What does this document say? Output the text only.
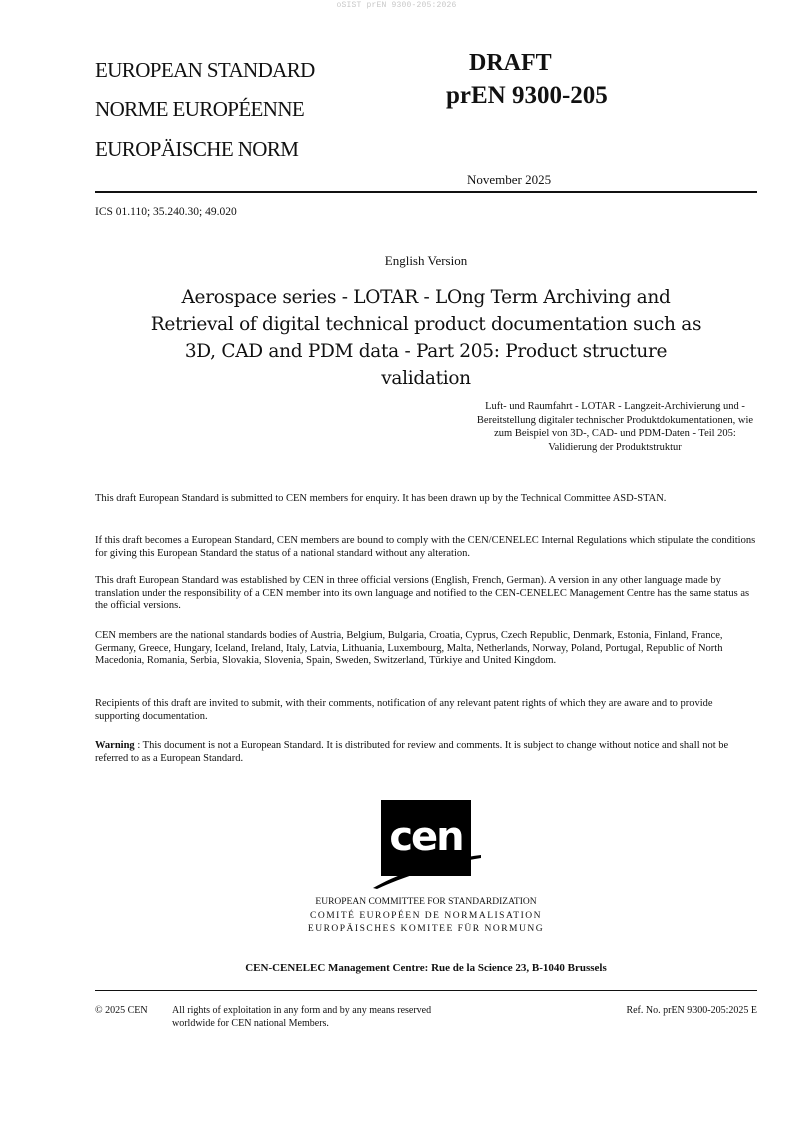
oSIST prEN 9300-205:2026
EUROPEAN STANDARD
NORME EUROPÉENNE
EUROPÄISCHE NORM
DRAFT
prEN 9300-205
November 2025
ICS 01.110; 35.240.30; 49.020
English Version
Aerospace series - LOTAR - LOng Term Archiving and Retrieval of digital technical product documentation such as 3D, CAD and PDM data - Part 205: Product structure validation
Luft- und Raumfahrt - LOTAR - Langzeit-Archivierung und -Bereitstellung digitaler technischer Produktdokumentationen, wie zum Beispiel von 3D-, CAD- und PDM-Daten - Teil 205: Validierung der Produktstruktur
This draft European Standard is submitted to CEN members for enquiry. It has been drawn up by the Technical Committee ASD-STAN.
If this draft becomes a European Standard, CEN members are bound to comply with the CEN/CENELEC Internal Regulations which stipulate the conditions for giving this European Standard the status of a national standard without any alteration.
This draft European Standard was established by CEN in three official versions (English, French, German). A version in any other language made by translation under the responsibility of a CEN member into its own language and notified to the CEN-CENELEC Management Centre has the same status as the official versions.
CEN members are the national standards bodies of Austria, Belgium, Bulgaria, Croatia, Cyprus, Czech Republic, Denmark, Estonia, Finland, France, Germany, Greece, Hungary, Iceland, Ireland, Italy, Latvia, Lithuania, Luxembourg, Malta, Netherlands, Norway, Poland, Portugal, Republic of North Macedonia, Romania, Serbia, Slovakia, Slovenia, Spain, Sweden, Switzerland, Türkiye and United Kingdom.
Recipients of this draft are invited to submit, with their comments, notification of any relevant patent rights of which they are aware and to provide supporting documentation.
Warning : This document is not a European Standard. It is distributed for review and comments. It is subject to change without notice and shall not be referred to as a European Standard.
cen
EUROPEAN COMMITTEE FOR STANDARDIZATION
COMITÉ EUROPÉEN DE NORMALISATION
EUROPÄISCHES KOMITEE FÜR NORMUNG
CEN-CENELEC Management Centre: Rue de la Science 23, B-1040 Brussels
© 2025 CEN All rights of exploitation in any form and by any means reserved
worldwide for CEN national Members.
Ref. No. prEN 9300-205:2025 E
